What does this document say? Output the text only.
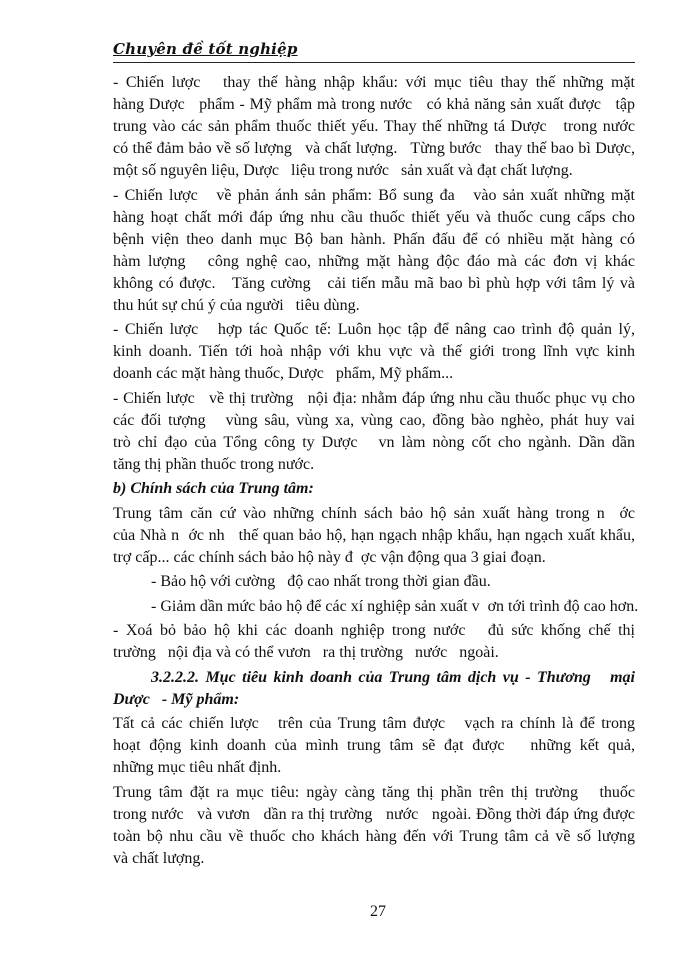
Chuyên đề tốt nghiệp
- Chiến lược   thay thế hàng nhập khẩu: với mục tiêu thay thế những mặt
hàng Dược   phẩm - Mỹ phẩm mà trong nước   có khả năng sản xuất được   tập
trung vào các sản phẩm thuốc thiết yếu. Thay thế những tá Dược   trong nước
có thể đảm bảo về số lượng   và chất lượng.   Từng bước   thay thế bao bì Dược,
một số nguyên liệu, Dược   liệu trong nước   sản xuất và đạt chất lượng.
- Chiến lược   về phản ánh sản phẩm: Bổ sung đa   vào sản xuất những mặt
hàng hoạt chất mới đáp ứng nhu cầu thuốc thiết yếu và thuốc cung cấps cho
bệnh viện theo danh mục Bộ ban hành. Phấn đấu để có nhiều mặt hàng có
hàm lượng   công nghệ cao, những mặt hàng độc đáo mà các đơn vị khác
không có được.   Tăng cường   cải tiến mẫu mã bao bì phù hợp với tâm lý và
thu hút sự chú ý của người   tiêu dùng.
- Chiến lược   hợp tác Quốc tế: Luôn học tập để nâng cao trình độ quản lý,
kinh doanh. Tiến tới hoà nhập với khu vực và thế giới trong lĩnh vực kinh
doanh các mặt hàng thuốc, Dược   phẩm, Mỹ phẩm...
- Chiến lược   về thị trường   nội địa: nhằm đáp ứng nhu cầu thuốc phục vụ cho
các đối tượng   vùng sâu, vùng xa, vùng cao, đồng bào nghèo, phát huy vai
trò chỉ đạo của Tổng công ty Dược   vn làm nòng cốt cho ngành. Dần dần
tăng thị phần thuốc trong nước.
b) Chính sách của Trung tâm:
Trung tâm căn cứ vào những chính sách bảo hộ sản xuất hàng trong n  ớc
của Nhà n  ớc nh   thế quan bảo hộ, hạn ngạch nhập khẩu, hạn ngạch xuất khẩu,
trợ cấp... các chính sách bảo hộ này đ  ợc vận động qua 3 giai đoạn.
- Bảo hộ với cường   độ cao nhất trong thời gian đầu.
- Giảm dần mức bảo hộ để các xí nghiệp sản xuất v  ơn tới trình độ cao hơn.
- Xoá bỏ bảo hộ khi các doanh nghiệp trong nước   đủ sức khống chế thị
trường   nội địa và có thể vươn   ra thị trường   nước   ngoài.
3.2.2.2. Mục tiêu kinh doanh của Trung tâm dịch vụ - Thương   mại
Dược   - Mỹ phẩm:
Tất cả các chiến lược   trên của Trung tâm được   vạch ra chính là để trong
hoạt động kinh doanh của mình trung tâm sẽ đạt được   những kết quả,
những mục tiêu nhất định.
Trung tâm đặt ra mục tiêu: ngày càng tăng thị phần trên thị trường   thuốc
trong nước   và vươn   dần ra thị trường   nước   ngoài. Đồng thời đáp ứng được
toàn bộ nhu cầu về thuốc cho khách hàng đến với Trung tâm cả về số lượng
và chất lượng.
27
